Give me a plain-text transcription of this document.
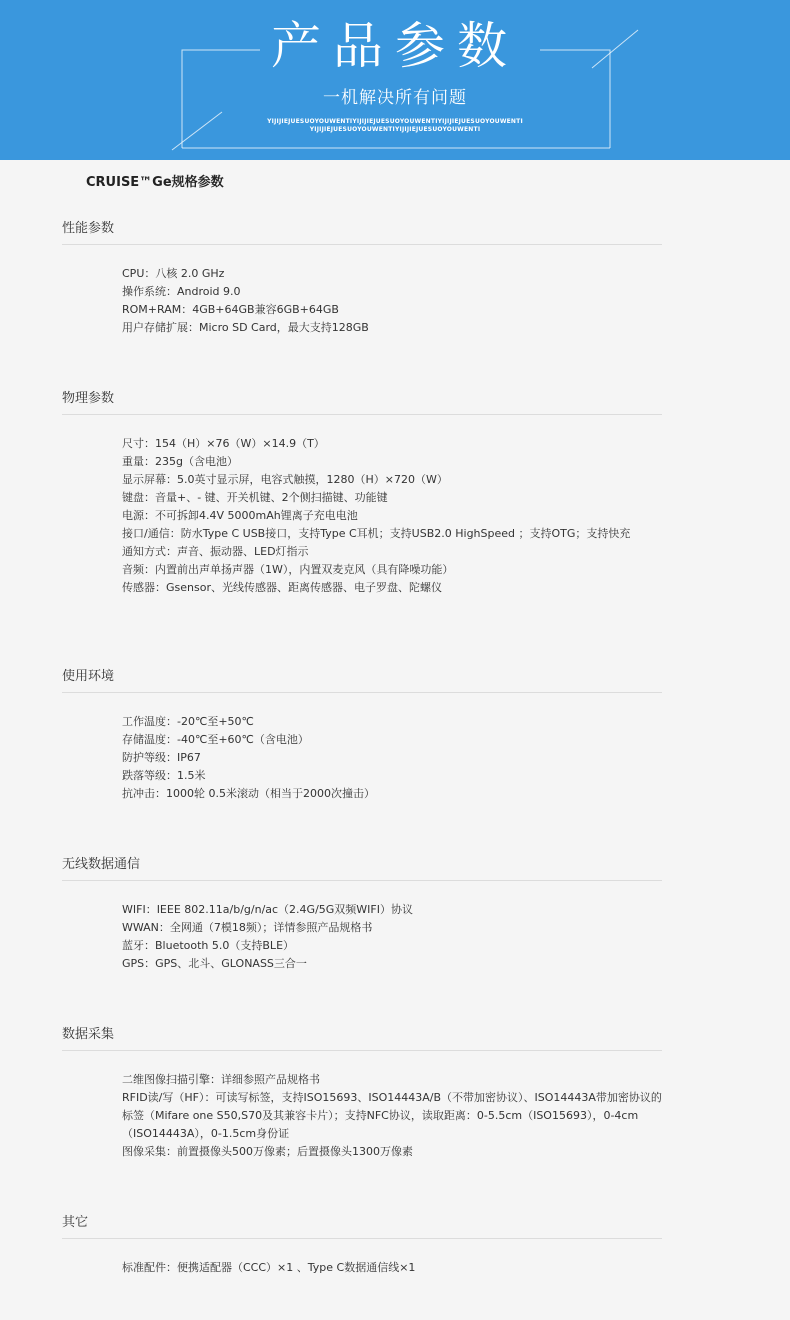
产品参数
一机解决所有问题
YIJIJIEJUESUOYOUWENTIYIJIJIEJUESUOYOUWENTIYIJIJIEJUESUOYOUWENTI
YIJIJIEJUESUOYOUWENTIYIJIJIEJUESUOYOUWENTI
CRUISE™Ge规格参数
性能参数
CPU：八核 2.0 GHz
操作系统：Android 9.0
ROM+RAM：4GB+64GB兼容6GB+64GB
用户存储扩展：Micro SD Card，最大支持128GB
物理参数
尺寸：154（H）×76（W）×14.9（T）
重量：235g（含电池）
显示屏幕：5.0英寸显示屏，电容式触摸，1280（H）×720（W）
键盘：音量+、- 键、开关机键、2个侧扫描键、功能键
电源：不可拆卸4.4V 5000mAh锂离子充电电池
接口/通信：防水Type C USB接口，支持Type C耳机；支持USB2.0 HighSpeed ；支持OTG；支持快充
通知方式：声音、振动器、LED灯指示
音频：内置前出声单扬声器（1W），内置双麦克风（具有降噪功能）
传感器：Gsensor、光线传感器、距离传感器、电子罗盘、陀螺仪
使用环境
工作温度：-20℃至+50℃
存储温度：-40℃至+60℃（含电池）
防护等级：IP67
跌落等级：1.5米
抗冲击：1000轮 0.5米滚动（相当于2000次撞击）
无线数据通信
WIFI：IEEE 802.11a/b/g/n/ac（2.4G/5G双频WIFI）协议
WWAN：全网通（7模18频）；详情参照产品规格书
蓝牙：Bluetooth 5.0（支持BLE）
GPS：GPS、北斗、GLONASS三合一
数据采集
二维图像扫描引擎：详细参照产品规格书
RFID读/写（HF）：可读写标签，支持ISO15693、ISO14443A/B（不带加密协议）、ISO14443A带加密协议的标签（Mifare one S50,S70及其兼容卡片）；支持NFC协议，读取距离：0-5.5cm（ISO15693），0-4cm（ISO14443A），0-1.5cm身份证
图像采集：前置摄像头500万像素；后置摄像头1300万像素
其它
标准配件：便携适配器（CCC）×1 、Type C数据通信线×1
